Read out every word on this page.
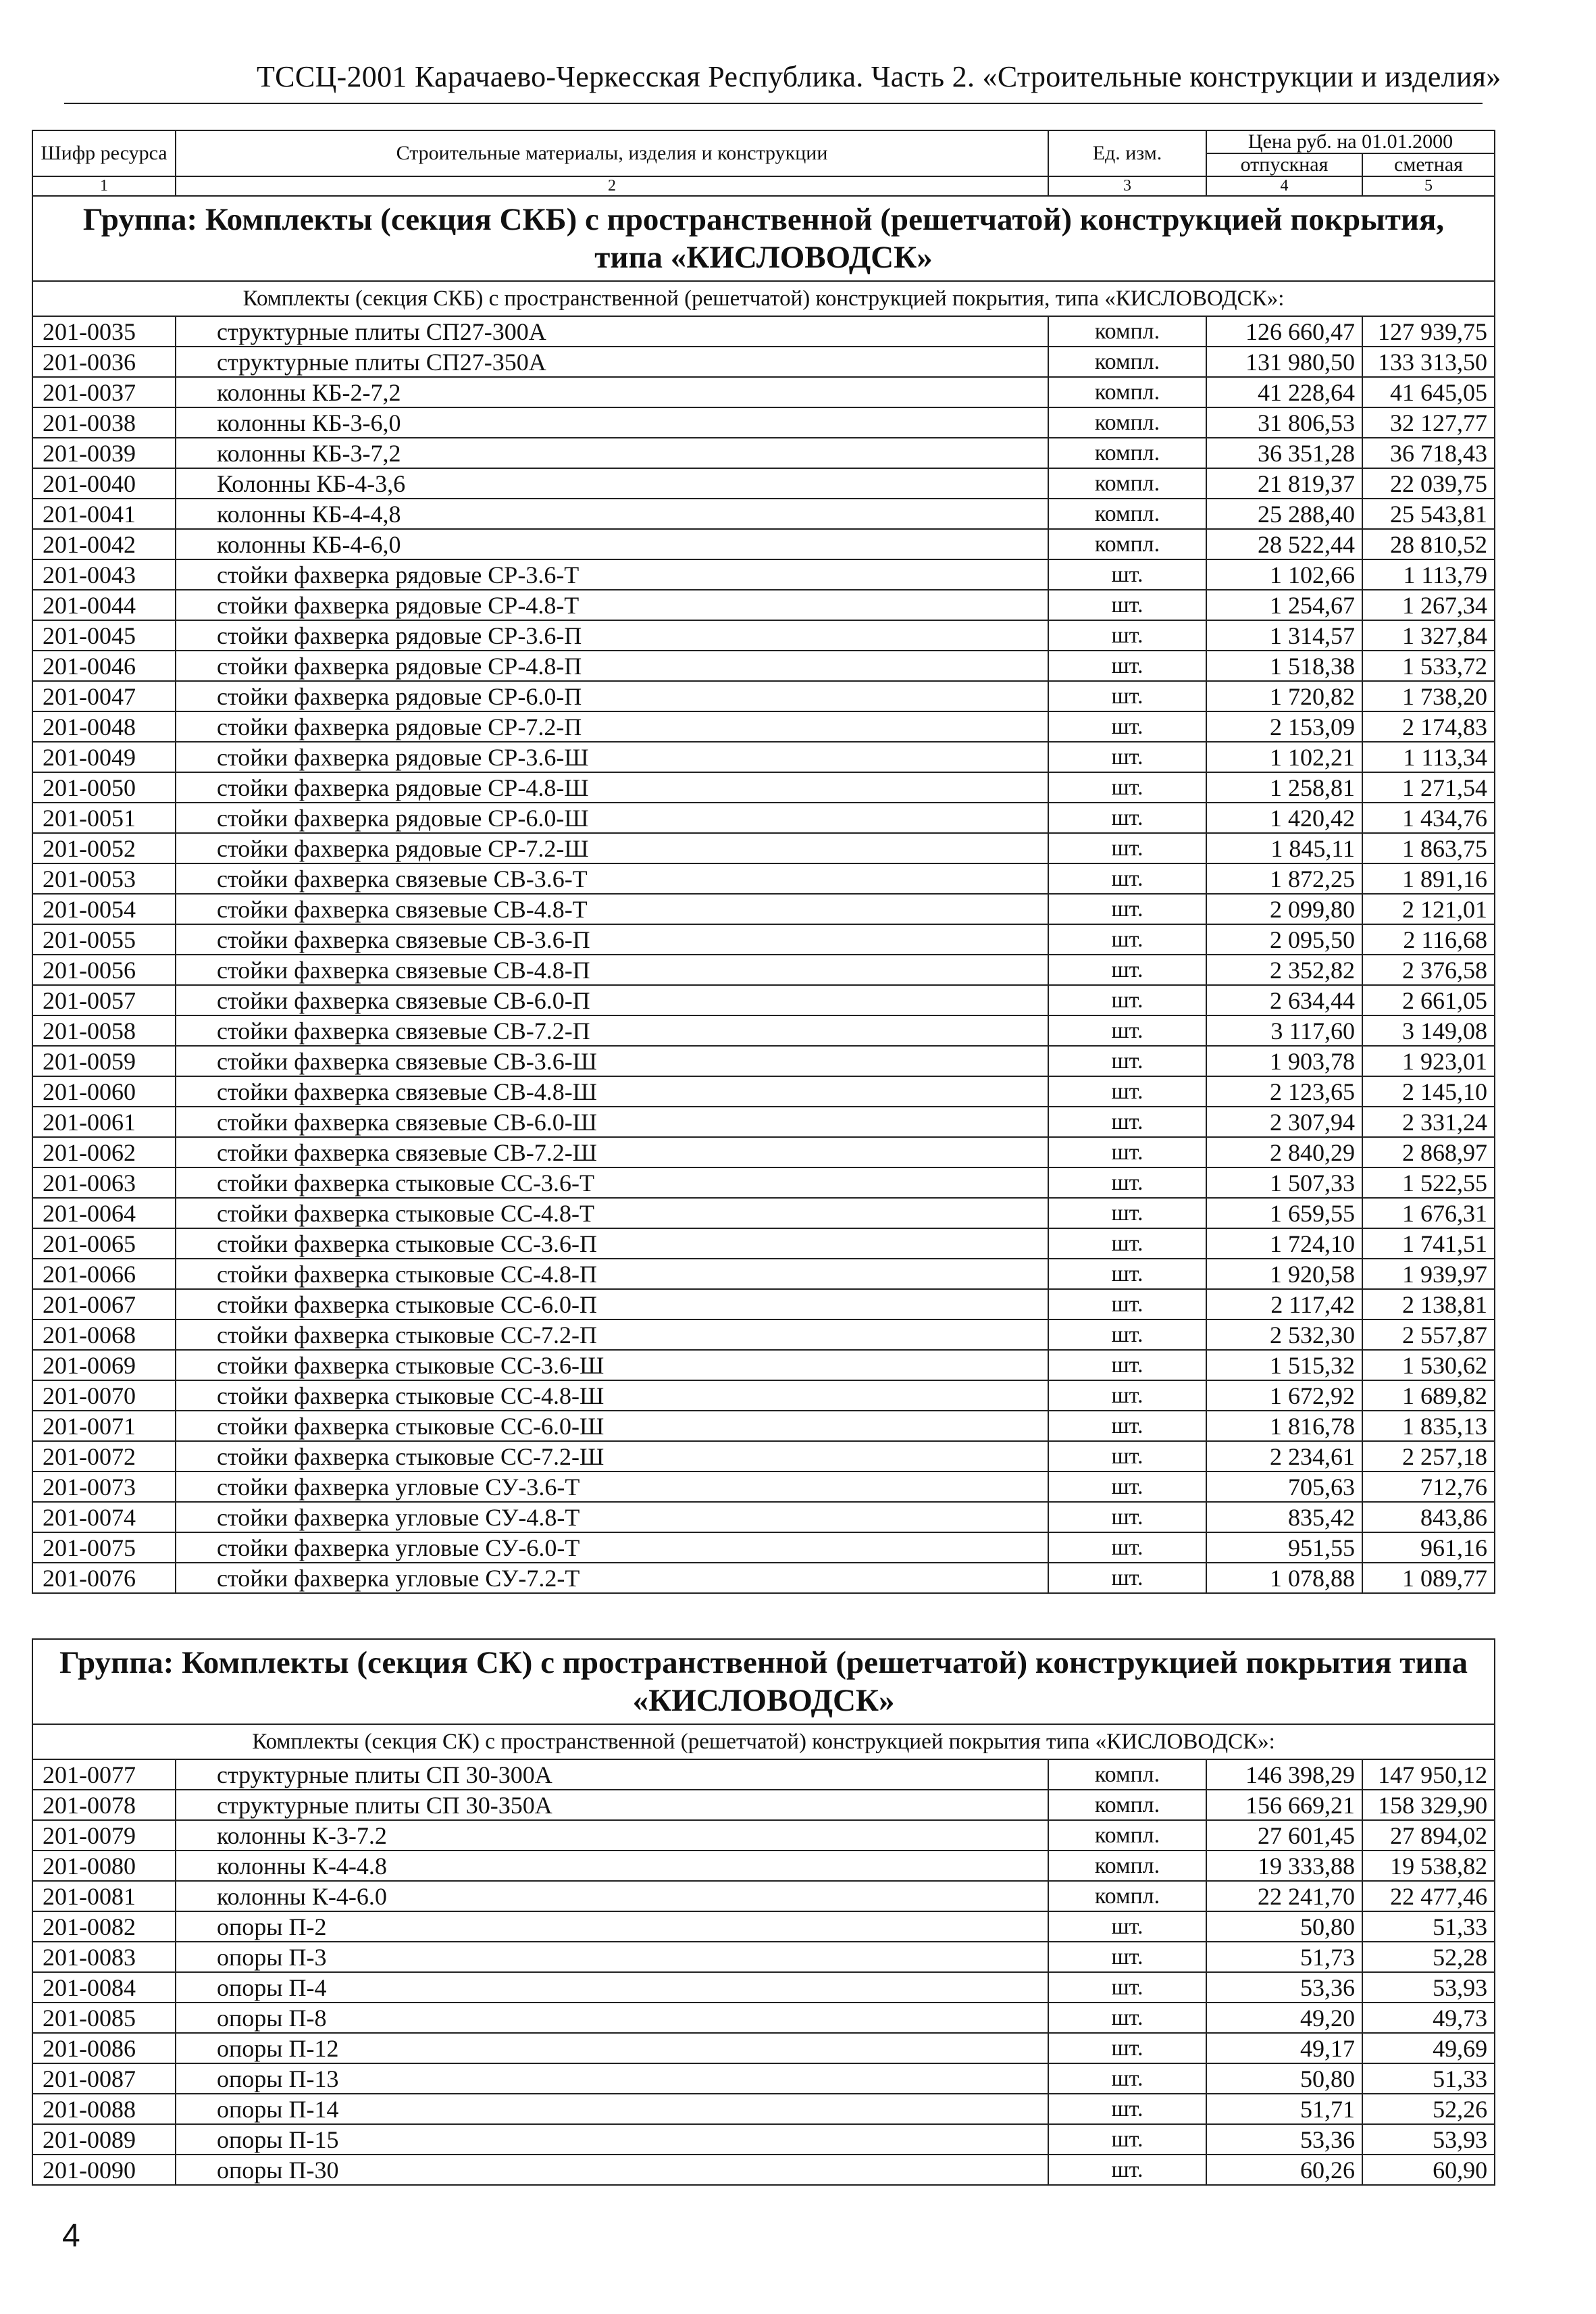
ТССЦ-2001 Карачаево-Черкесская Республика. Часть 2. «Строительные конструкции и изделия»
Шифр ресурса	Строительные материалы, изделия и конструкции	Ед. изм.	Цена руб. на 01.01.2000	
			отпускная	сметная
1	2	3	4	5
Группа: Комплекты (секция СКБ) с пространственной (решетчатой) конструкцией покрытия, типа «КИСЛОВОДСК»				
Комплекты (секция СКБ) с пространственной (решетчатой) конструкцией покрытия, типа «КИСЛОВОДСК»:				
201-0035	структурные плиты СП27-300А	компл.	126 660,47	127 939,75
201-0036	структурные плиты СП27-350А	компл.	131 980,50	133 313,50
201-0037	колонны КБ-2-7,2	компл.	41 228,64	41 645,05
201-0038	колонны КБ-3-6,0	компл.	31 806,53	32 127,77
201-0039	колонны КБ-3-7,2	компл.	36 351,28	36 718,43
201-0040	Колонны КБ-4-3,6	компл.	21 819,37	22 039,75
201-0041	колонны КБ-4-4,8	компл.	25 288,40	25 543,81
201-0042	колонны КБ-4-6,0	компл.	28 522,44	28 810,52
201-0043	стойки фахверка рядовые СР-3.6-Т	шт.	1 102,66	1 113,79
201-0044	стойки фахверка рядовые СР-4.8-Т	шт.	1 254,67	1 267,34
201-0045	стойки фахверка рядовые СР-3.6-П	шт.	1 314,57	1 327,84
201-0046	стойки фахверка рядовые СР-4.8-П	шт.	1 518,38	1 533,72
201-0047	стойки фахверка рядовые СР-6.0-П	шт.	1 720,82	1 738,20
201-0048	стойки фахверка рядовые СР-7.2-П	шт.	2 153,09	2 174,83
201-0049	стойки фахверка рядовые СР-3.6-Ш	шт.	1 102,21	1 113,34
201-0050	стойки фахверка рядовые СР-4.8-Ш	шт.	1 258,81	1 271,54
201-0051	стойки фахверка рядовые СР-6.0-Ш	шт.	1 420,42	1 434,76
201-0052	стойки фахверка рядовые СР-7.2-Ш	шт.	1 845,11	1 863,75
201-0053	стойки фахверка связевые СВ-3.6-Т	шт.	1 872,25	1 891,16
201-0054	стойки фахверка связевые СВ-4.8-Т	шт.	2 099,80	2 121,01
201-0055	стойки фахверка связевые СВ-3.6-П	шт.	2 095,50	2 116,68
201-0056	стойки фахверка связевые СВ-4.8-П	шт.	2 352,82	2 376,58
201-0057	стойки фахверка связевые СВ-6.0-П	шт.	2 634,44	2 661,05
201-0058	стойки фахверка связевые СВ-7.2-П	шт.	3 117,60	3 149,08
201-0059	стойки фахверка связевые СВ-3.6-Ш	шт.	1 903,78	1 923,01
201-0060	стойки фахверка связевые СВ-4.8-Ш	шт.	2 123,65	2 145,10
201-0061	стойки фахверка связевые СВ-6.0-Ш	шт.	2 307,94	2 331,24
201-0062	стойки фахверка связевые СВ-7.2-Ш	шт.	2 840,29	2 868,97
201-0063	стойки фахверка стыковые СС-3.6-Т	шт.	1 507,33	1 522,55
201-0064	стойки фахверка стыковые СС-4.8-Т	шт.	1 659,55	1 676,31
201-0065	стойки фахверка стыковые СС-3.6-П	шт.	1 724,10	1 741,51
201-0066	стойки фахверка стыковые СС-4.8-П	шт.	1 920,58	1 939,97
201-0067	стойки фахверка стыковые СС-6.0-П	шт.	2 117,42	2 138,81
201-0068	стойки фахверка стыковые СС-7.2-П	шт.	2 532,30	2 557,87
201-0069	стойки фахверка стыковые СС-3.6-Ш	шт.	1 515,32	1 530,62
201-0070	стойки фахверка стыковые СС-4.8-Ш	шт.	1 672,92	1 689,82
201-0071	стойки фахверка стыковые СС-6.0-Ш	шт.	1 816,78	1 835,13
201-0072	стойки фахверка стыковые СС-7.2-Ш	шт.	2 234,61	2 257,18
201-0073	стойки фахверка угловые СУ-3.6-Т	шт.	705,63	712,76
201-0074	стойки фахверка угловые СУ-4.8-Т	шт.	835,42	843,86
201-0075	стойки фахверка угловые СУ-6.0-Т	шт.	951,55	961,16
201-0076	стойки фахверка угловые СУ-7.2-Т	шт.	1 078,88	1 089,77
Группа: Комплекты (секция СК) с пространственной (решетчатой) конструкцией покрытия типа «КИСЛОВОДСК»				
Комплекты (секция СК) с пространственной (решетчатой) конструкцией покрытия типа «КИСЛОВОДСК»:				
201-0077	структурные плиты СП 30-300А	компл.	146 398,29	147 950,12
201-0078	структурные плиты СП 30-350А	компл.	156 669,21	158 329,90
201-0079	колонны К-3-7.2	компл.	27 601,45	27 894,02
201-0080	колонны К-4-4.8	компл.	19 333,88	19 538,82
201-0081	колонны К-4-6.0	компл.	22 241,70	22 477,46
201-0082	опоры П-2	шт.	50,80	51,33
201-0083	опоры П-3	шт.	51,73	52,28
201-0084	опоры П-4	шт.	53,36	53,93
201-0085	опоры П-8	шт.	49,20	49,73
201-0086	опоры П-12	шт.	49,17	49,69
201-0087	опоры П-13	шт.	50,80	51,33
201-0088	опоры П-14	шт.	51,71	52,26
201-0089	опоры П-15	шт.	53,36	53,93
201-0090	опоры П-30	шт.	60,26	60,90
4
